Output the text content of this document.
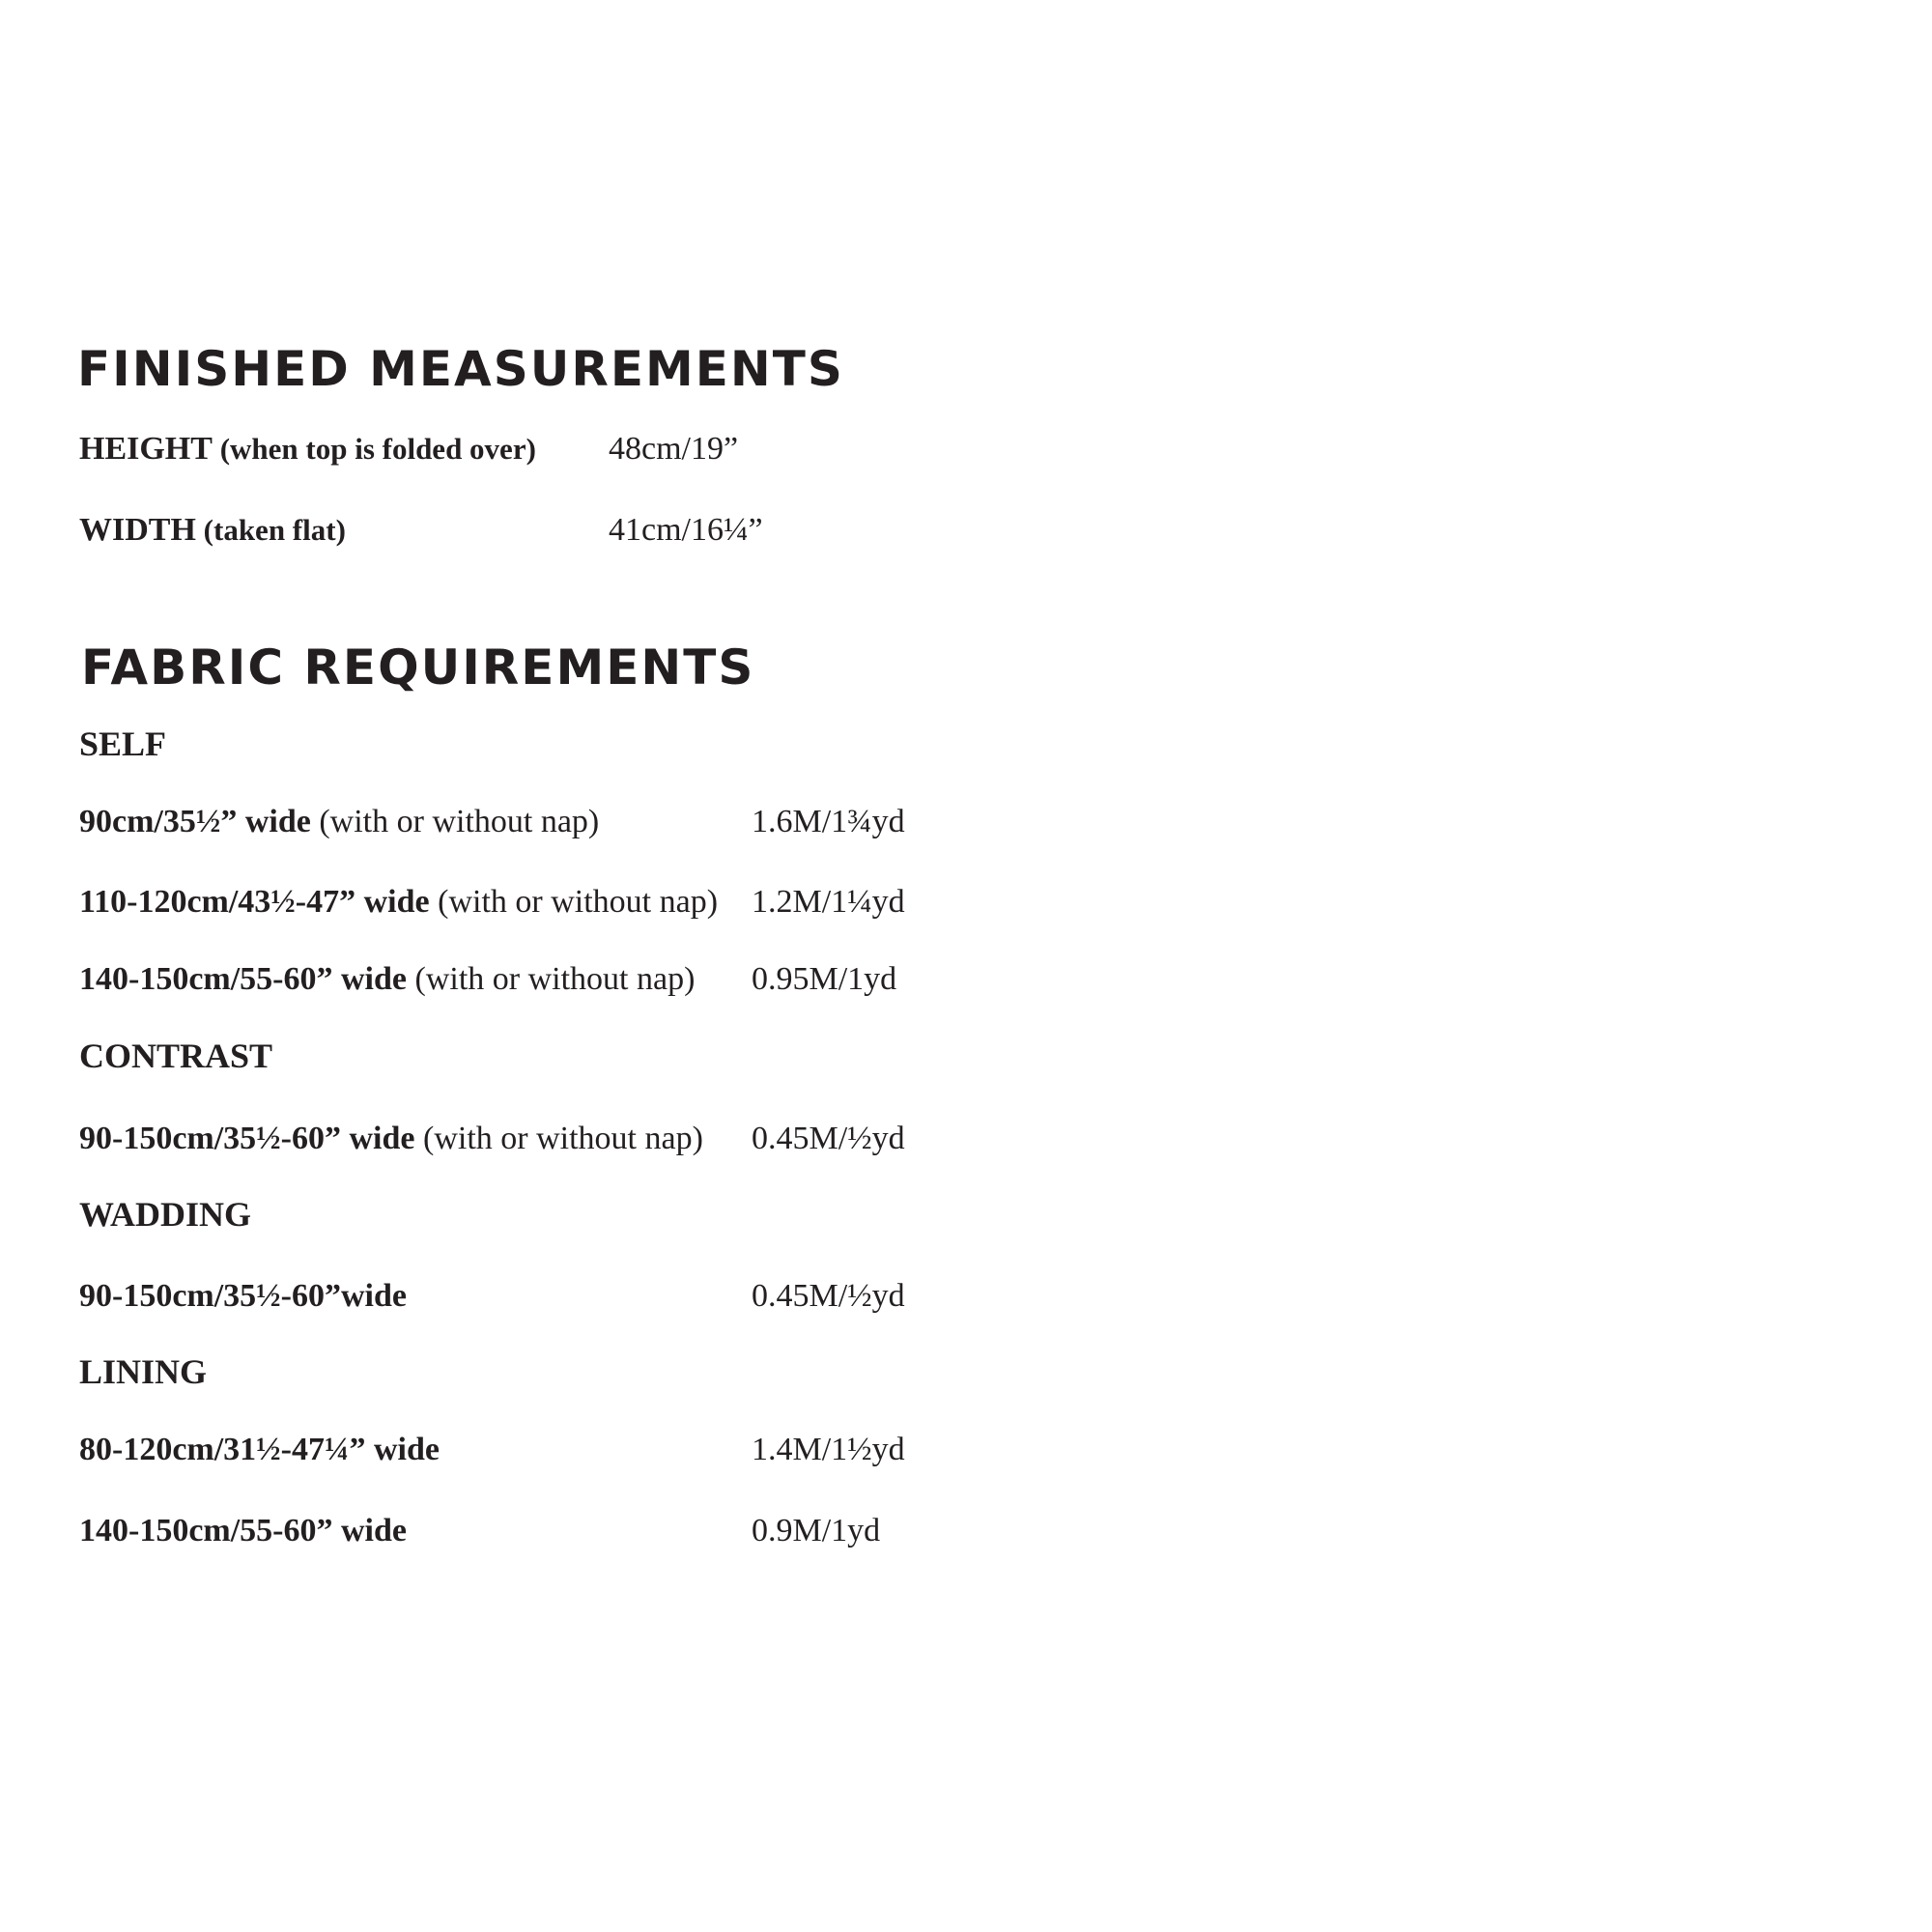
FINISHED MEASUREMENTS
HEIGHT (when top is folded over) 48cm/19”
WIDTH (taken flat)	41cm/16¼”
FABRIC REQUIREMENTS
SELF
90cm/35½” wide (with or without nap)	1.6M/1¾yd
110-120cm/43½-47” wide (with or without nap) 1.2M/1¼yd
140-150cm/55-60” wide (with or without nap) 0.95M/1yd
CONTRAST
90-150cm/35½-60” wide (with or without nap) 0.45M/½yd
WADDING
90-150cm/35½-60”wide	0.45M/½yd
LINING
80-120cm/31½-47¼” wide	1.4M/1½yd
140-150cm/55-60” wide	0.9M/1yd
